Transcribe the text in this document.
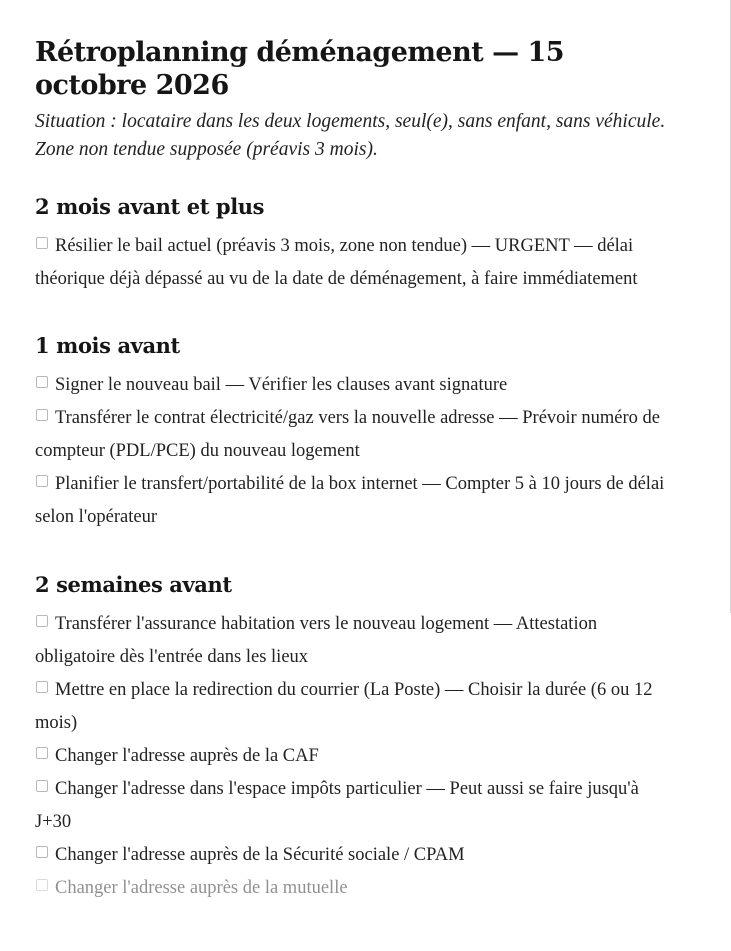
Rétroplanning déménagement — 15 octobre 2026

Situation : locataire dans les deux logements, seul(e), sans enfant, sans véhicule. Zone non tendue supposée (préavis 3 mois).

2 mois avant et plus
Résilier le bail actuel (préavis 3 mois, zone non tendue) — URGENT — délai théorique déjà dépassé au vu de la date de déménagement, à faire immédiatement
1 mois avant
Signer le nouveau bail — Vérifier les clauses avant signature
Transférer le contrat électricité/gaz vers la nouvelle adresse — Prévoir numéro de compteur (PDL/PCE) du nouveau logement
Planifier le transfert/portabilité de la box internet — Compter 5 à 10 jours de délai selon l'opérateur
2 semaines avant
Transférer l'assurance habitation vers le nouveau logement — Attestation obligatoire dès l'entrée dans les lieux
Mettre en place la redirection du courrier (La Poste) — Choisir la durée (6 ou 12 mois)
Changer l'adresse auprès de la CAF
Changer l'adresse dans l'espace impôts particulier — Peut aussi se faire jusqu'à J+30
Changer l'adresse auprès de la Sécurité sociale / CPAM
Changer l'adresse auprès de la mutuelle
